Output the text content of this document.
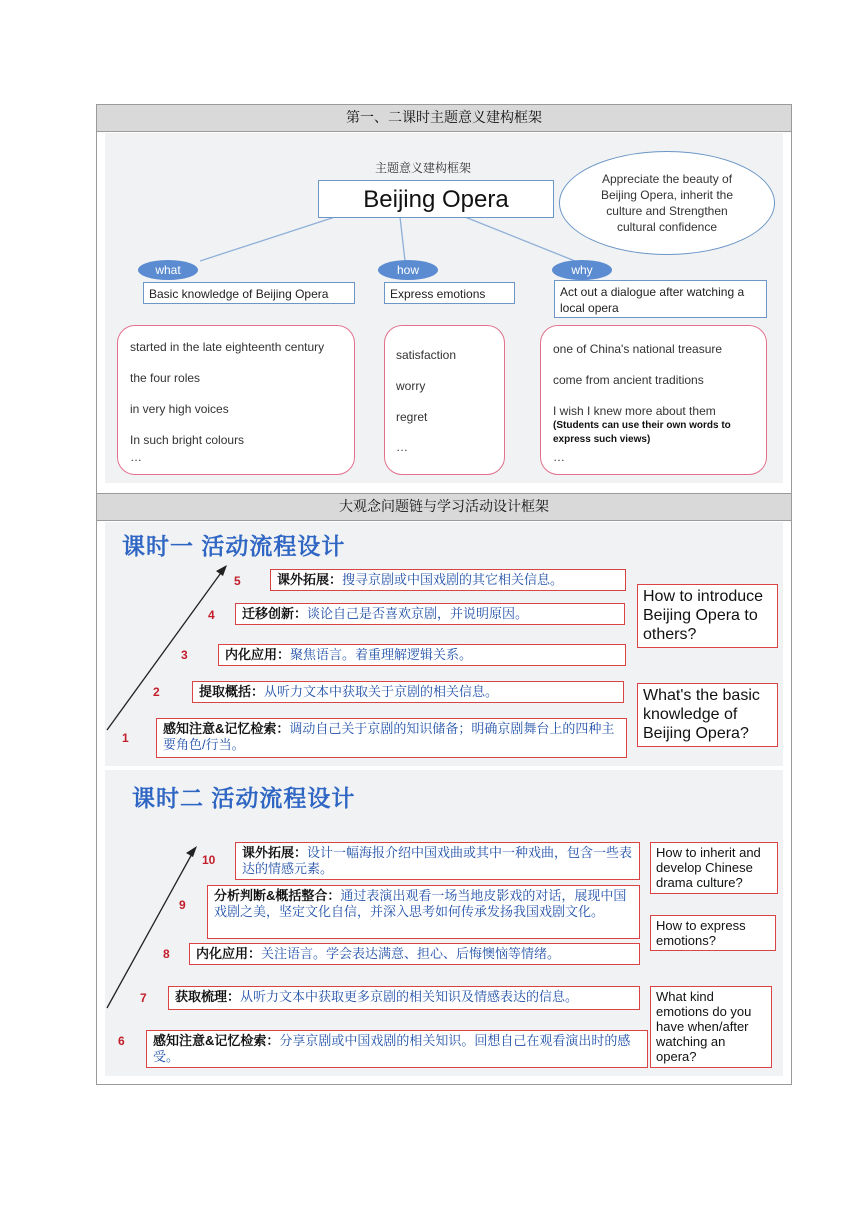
第一、二课时主题意义建构框架
主题意义建构框架
Beijing Opera
Appreciate the beauty of Beijing Opera, inherit the culture and Strengthen cultural confidence
what
Basic knowledge of Beijing Opera
started in the late eighteenth century
the four roles
in very high voices
In such bright colours
…
how
Express emotions
satisfaction
worry
regret
…
why
Act out a dialogue after watching a local opera
one of China's national treasure
come from ancient traditions
I wish I knew more about them
(Students can use their own words to express such views)
…
大观念问题链与学习活动设计框架
课时一 活动流程设计
5	课外拓展：搜寻京剧或中国戏剧的其它相关信息。
4	迁移创新：谈论自己是否喜欢京剧，并说明原因。
3	内化应用：聚焦语言。着重理解逻辑关系。
2	提取概括：从听力文本中获取关于京剧的相关信息。
1
感知注意&记忆检索：调动自己关于京剧的知识储备；明确京剧舞台上的四种主要角色/行当。
How to introduce Beijing Opera to others?
What's the basic knowledge of Beijing Opera?
课时二 活动流程设计
10	课外拓展：设计一幅海报介绍中国戏曲或其中一种戏曲，包含一些表达的情感元素。
9
分析判断&概括整合：通过表演出观看一场当地皮影戏的对话，展现中国戏剧之美，坚定文化自信，并深入思考如何传承发扬我国戏剧文化。
8	内化应用：关注语言。学会表达满意、担心、后悔懊恼等情绪。
7	获取梳理：从听力文本中获取更多京剧的相关知识及情感表达的信息。
6	感知注意&记忆检索：分享京剧或中国戏剧的相关知识。回想自己在观看演出时的感受。
How to inherit and develop Chinese drama culture?
How to express emotions?
What kind emotions do you have when/after watching an opera?
